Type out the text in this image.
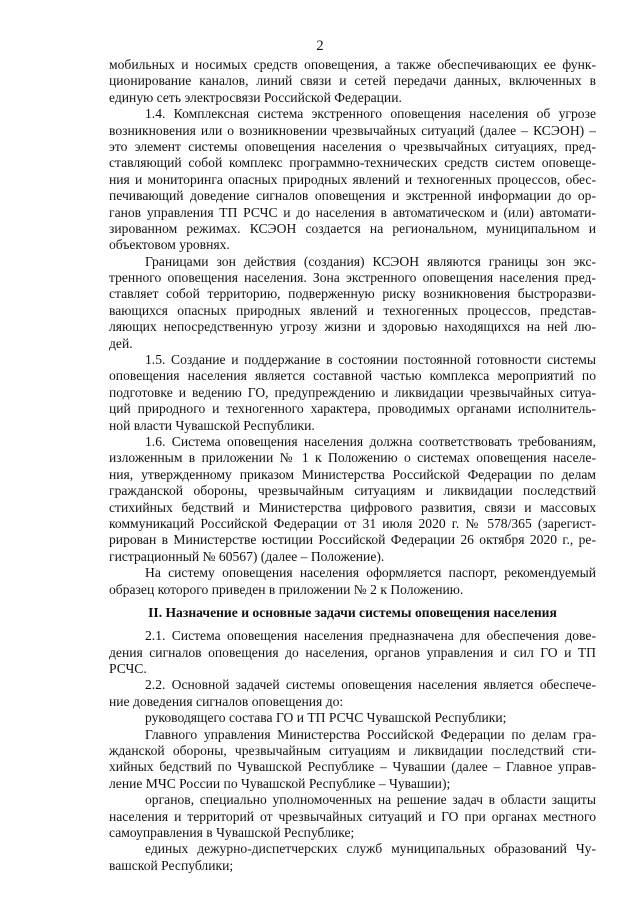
2
мобильных и носимых средств оповещения, а также обеспечивающих ее функ-
ционирование каналов, линий связи и сетей передачи данных, включенных в
единую сеть электросвязи Российской Федерации.
1.4. Комплексная система экстренного оповещения населения об угрозе
возникновения или о возникновении чрезвычайных ситуаций (далее – КСЭОН) –
это элемент системы оповещения населения о чрезвычайных ситуациях, пред-
ставляющий собой комплекс программно-технических средств систем оповеще-
ния и мониторинга опасных природных явлений и техногенных процессов, обес-
печивающий доведение сигналов оповещения и экстренной информации до ор-
ганов управления ТП РСЧС и до населения в автоматическом и (или) автомати-
зированном режимах. КСЭОН создается на региональном, муниципальном и
объектовом уровнях.
Границами зон действия (создания) КСЭОН являются границы зон экс-
тренного оповещения населения. Зона экстренного оповещения населения пред-
ставляет собой территорию, подверженную риску возникновения быстроразви-
вающихся опасных природных явлений и техногенных процессов, представ-
ляющих непосредственную угрозу жизни и здоровью находящихся на ней лю-
дей.
1.5. Создание и поддержание в состоянии постоянной готовности системы
оповещения населения является составной частью комплекса мероприятий по
подготовке и ведению ГО, предупреждению и ликвидации чрезвычайных ситуа-
ций природного и техногенного характера, проводимых органами исполнитель-
ной власти Чувашской Республики.
1.6. Система оповещения населения должна соответствовать требованиям,
изложенным в приложении № 1 к Положению о системах оповещения населе-
ния, утвержденному приказом Министерства Российской Федерации по делам
гражданской обороны, чрезвычайным ситуациям и ликвидации последствий
стихийных бедствий и Министерства цифрового развития, связи и массовых
коммуникаций Российской Федерации от 31 июля 2020 г. № 578/365 (зарегист-
рирован в Министерстве юстиции Российской Федерации 26 октября 2020 г., ре-
гистрационный № 60567) (далее – Положение).
На систему оповещения населения оформляется паспорт, рекомендуемый
образец которого приведен в приложении № 2 к Положению.
II. Назначение и основные задачи системы оповещения населения
2.1. Система оповещения населения предназначена для обеспечения дове-
дения сигналов оповещения до населения, органов управления и сил ГО и ТП
РСЧС.
2.2. Основной задачей системы оповещения населения является обеспече-
ние доведения сигналов оповещения до:
руководящего состава ГО и ТП РСЧС Чувашской Республики;
Главного управления Министерства Российской Федерации по делам гра-
жданской обороны, чрезвычайным ситуациям и ликвидации последствий сти-
хийных бедствий по Чувашской Республике – Чувашии (далее – Главное управ-
ление МЧС России по Чувашской Республике – Чувашии);
органов, специально уполномоченных на решение задач в области защиты
населения и территорий от чрезвычайных ситуаций и ГО при органах местного
самоуправления в Чувашской Республике;
единых дежурно-диспетчерских служб муниципальных образований Чу-
вашской Республики;
